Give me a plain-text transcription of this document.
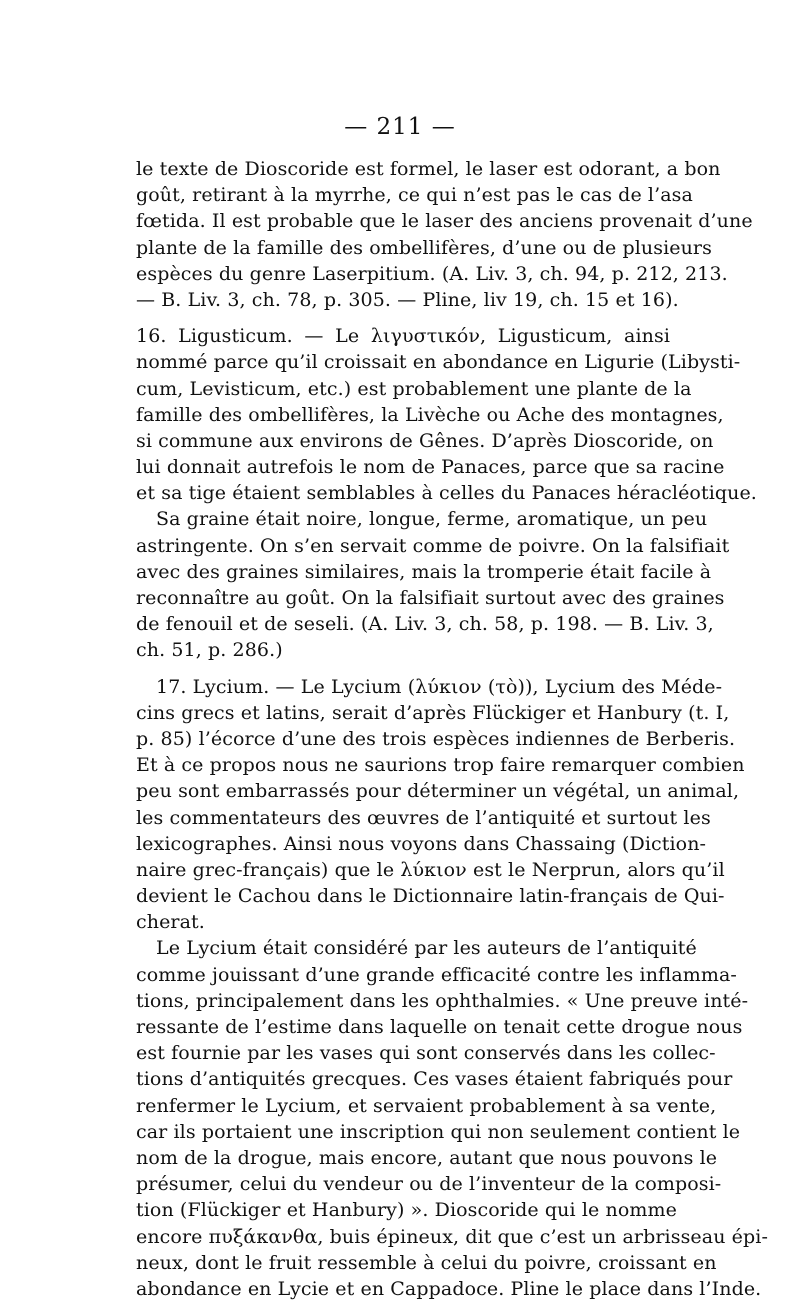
— 211 —
le texte de Dioscoride est formel, le laser est odorant, a bon
goût, retirant à la myrrhe, ce qui n’est pas le cas de l’asa
fœtida. Il est probable que le laser des anciens provenait d’une
plante de la famille des ombellifères, d’une ou de plusieurs
espèces du genre Laserpitium. (A. Liv. 3, ch. 94, p. 212, 213.
— B. Liv. 3, ch. 78, p. 305. — Pline, liv 19, ch. 15 et 16).
16. Ligusticum. — Le λιγυστικόν, Ligusticum, ainsi
nommé parce qu’il croissait en abondance en Ligurie (Libysti-
cum, Levisticum, etc.) est probablement une plante de la
famille des ombellifères, la Livèche ou Ache des montagnes,
si commune aux environs de Gênes. D’après Dioscoride, on
lui donnait autrefois le nom de Panaces, parce que sa racine
et sa tige étaient semblables à celles du Panaces héracléotique.
Sa graine était noire, longue, ferme, aromatique, un peu
astringente. On s’en servait comme de poivre. On la falsifiait
avec des graines similaires, mais la tromperie était facile à
reconnaître au goût. On la falsifiait surtout avec des graines
de fenouil et de seseli. (A. Liv. 3, ch. 58, p. 198. — B. Liv. 3,
ch. 51, p. 286.)
17. Lycium. — Le Lycium (λύκιον (τὸ)), Lycium des Méde-
cins grecs et latins, serait d’après Flückiger et Hanbury (t. I,
p. 85) l’écorce d’une des trois espèces indiennes de Berberis.
Et à ce propos nous ne saurions trop faire remarquer combien
peu sont embarrassés pour déterminer un végétal, un animal,
les commentateurs des œuvres de l’antiquité et surtout les
lexicographes. Ainsi nous voyons dans Chassaing (Diction-
naire grec-français) que le λύκιον est le Nerprun, alors qu’il
devient le Cachou dans le Dictionnaire latin-français de Qui-
cherat.
Le Lycium était considéré par les auteurs de l’antiquité
comme jouissant d’une grande efficacité contre les inflamma-
tions, principalement dans les ophthalmies. « Une preuve inté-
ressante de l’estime dans laquelle on tenait cette drogue nous
est fournie par les vases qui sont conservés dans les collec-
tions d’antiquités grecques. Ces vases étaient fabriqués pour
renfermer le Lycium, et servaient probablement à sa vente,
car ils portaient une inscription qui non seulement contient le
nom de la drogue, mais encore, autant que nous pouvons le
présumer, celui du vendeur ou de l’inventeur de la composi-
tion (Flückiger et Hanbury) ». Dioscoride qui le nomme
encore πυξάκανθα, buis épineux, dit que c’est un arbrisseau épi-
neux, dont le fruit ressemble à celui du poivre, croissant en
abondance en Lycie et en Cappadoce. Pline le place dans l’Inde.
